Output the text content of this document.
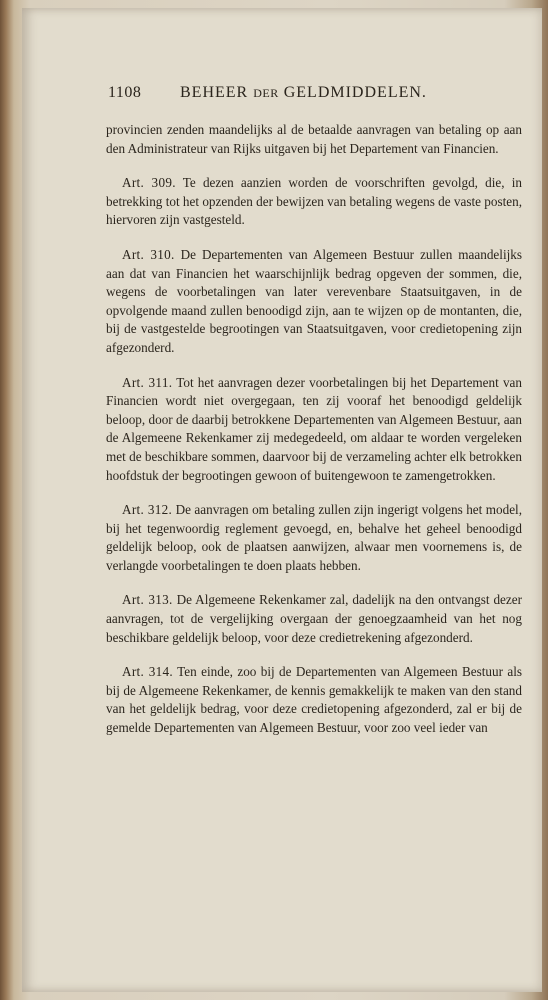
1108 BEHEER DER GELDMIDDELEN.

provincien zenden maandelijks al de betaalde aanvragen van betaling op aan den Administrateur van Rijks uitgaven bij het Departement van Financien.

Art. 309. Te dezen aanzien worden de voorschriften gevolgd, die, in betrekking tot het opzenden der bewijzen van betaling wegens de vaste posten, hiervoren zijn vastgesteld.

Art. 310. De Departementen van Algemeen Bestuur zullen maandelijks aan dat van Financien het waarschijnlijk bedrag opgeven der sommen, die, wegens de voorbetalingen van later verevenbare Staatsuitgaven, in de opvolgende maand zullen benoodigd zijn, aan te wijzen op de montanten, die, bij de vastgestelde begrootingen van Staatsuitgaven, voor credietopening zijn afgezonderd.

Art. 311. Tot het aanvragen dezer voorbetalingen bij het Departement van Financien wordt niet overgegaan, ten zij vooraf het benoodigd geldelijk beloop, door de daarbij betrokkene Departementen van Algemeen Bestuur, aan de Algemeene Rekenkamer zij medegedeeld, om aldaar te worden vergeleken met de beschikbare sommen, daarvoor bij de verzameling achter elk betrokken hoofdstuk der begrootingen gewoon of buitengewoon te zamengetrokken.

Art. 312. De aanvragen om betaling zullen zijn ingerigt volgens het model, bij het tegenwoordig reglement gevoegd, en, behalve het geheel benoodigd geldelijk beloop, ook de plaatsen aanwijzen, alwaar men voornemens is, de verlangde voorbetalingen te doen plaats hebben.

Art. 313. De Algemeene Rekenkamer zal, dadelijk na den ontvangst dezer aanvragen, tot de vergelijking overgaan der genoegzaamheid van het nog beschikbare geldelijk beloop, voor deze credietrekening afgezonderd.

Art. 314. Ten einde, zoo bij de Departementen van Algemeen Bestuur als bij de Algemeene Rekenkamer, de kennis gemakkelijk te maken van den stand van het geldelijk bedrag, voor deze credietopening afgezonderd, zal er bij de gemelde Departementen van Algemeen Bestuur, voor zoo veel ieder van
